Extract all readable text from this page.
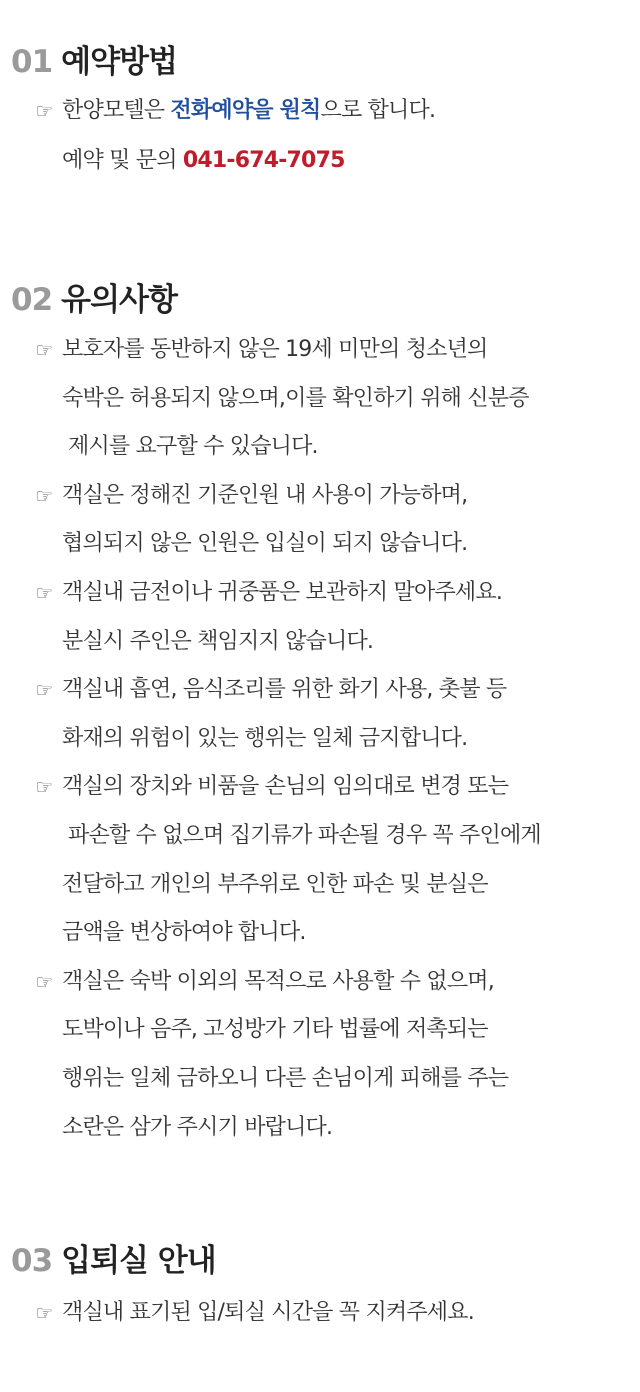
01 예약방법
☞ 한양모텔은 전화예약을 원칙으로 합니다.
예약 및 문의 041-674-7075
02 유의사항
☞ 보호자를 동반하지 않은 19세 미만의 청소년의
숙박은 허용되지 않으며,이를 확인하기 위해 신분증
제시를 요구할 수 있습니다.
☞ 객실은 정해진 기준인원 내 사용이 가능하며,
협의되지 않은 인원은 입실이 되지 않습니다.
☞ 객실내 금전이나 귀중품은 보관하지 말아주세요.
분실시 주인은 책임지지 않습니다.
☞ 객실내 흡연, 음식조리를 위한 화기 사용, 촛불 등
화재의 위험이 있는 행위는 일체 금지합니다.
☞ 객실의 장치와 비품을 손님의 임의대로 변경 또는
파손할 수 없으며 집기류가 파손될 경우 꼭 주인에게
전달하고 개인의 부주위로 인한 파손 및 분실은
금액을 변상하여야 합니다.
☞ 객실은 숙박 이외의 목적으로 사용할 수 없으며,
도박이나 음주, 고성방가 기타 법률에 저촉되는
행위는 일체 금하오니 다른 손님이게 피해를 주는
소란은 삼가 주시기 바랍니다.
03 입퇴실 안내
☞ 객실내 표기된 입/퇴실 시간을 꼭 지켜주세요.
